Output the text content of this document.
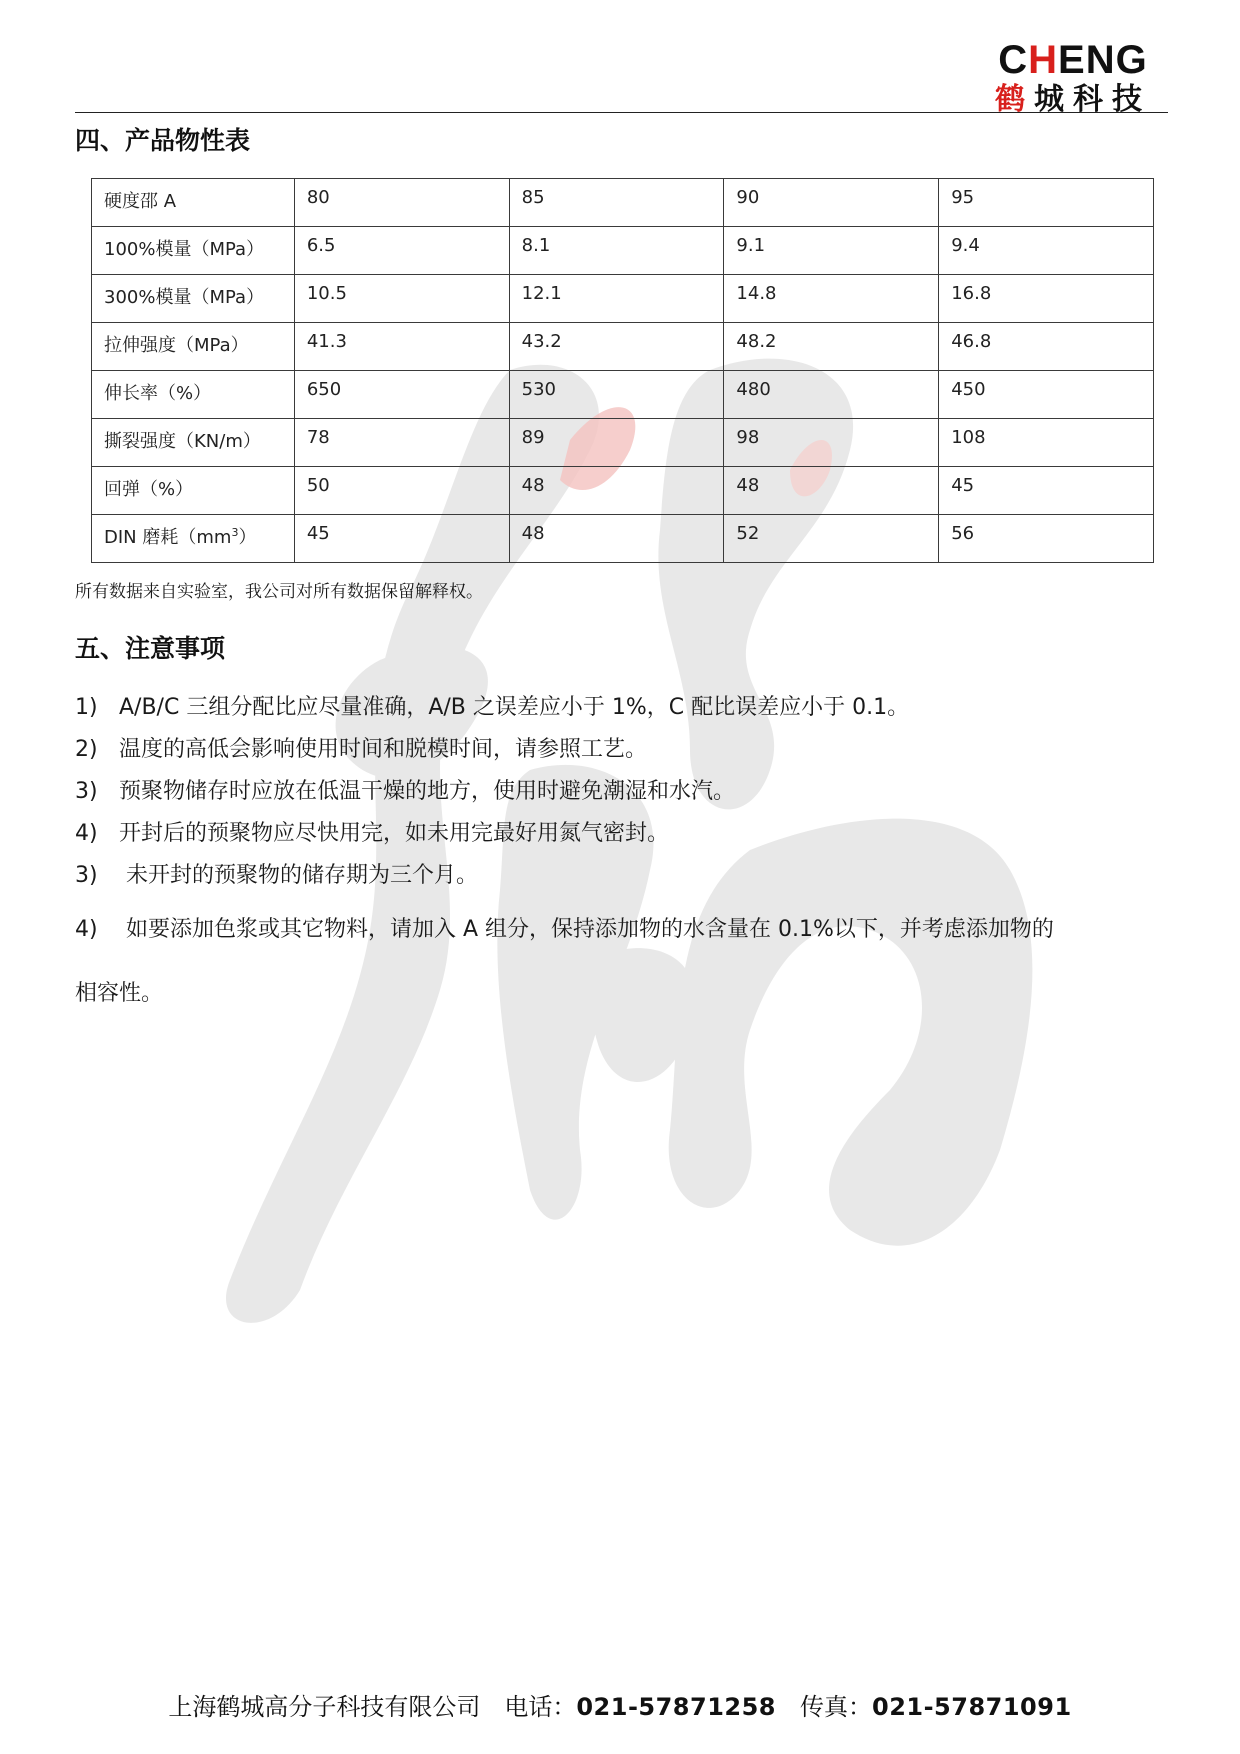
CHENG
鹤城科技
四、产品物性表
硬度邵 A	80	85	90	95
100%模量（MPa）	6.5	8.1	9.1	9.4
300%模量（MPa）	10.5	12.1	14.8	16.8
拉伸强度（MPa）	41.3	43.2	48.2	46.8
伸长率（%）	650	530	480	450
撕裂强度（KN/m）	78	89	98	108
回弹（%）	50	48	48	45
DIN 磨耗$(mm^3)$	45	48	52	56
所有数据来自实验室，我公司对所有数据保留解释权。
五、注意事项
1) A/B/C 三组分配比应尽量准确，A/B 之误差应小于 1%，C 配比误差应小于 0.1。
2) 温度的高低会影响使用时间和脱模时间，请参照工艺。
3) 预聚物储存时应放在低温干燥的地方，使用时避免潮湿和水汽。
4) 开封后的预聚物应尽快用完，如未用完最好用氮气密封。
3) 未开封的预聚物的储存期为三个月。
4) 如要添加色浆或其它物料，请加入 A 组分，保持添加物的水含量在 0.1%以下，并考虑添加物的
相容性。
上海鹤城高分子科技有限公司 电话：021-57871258 传真：021-57871091
